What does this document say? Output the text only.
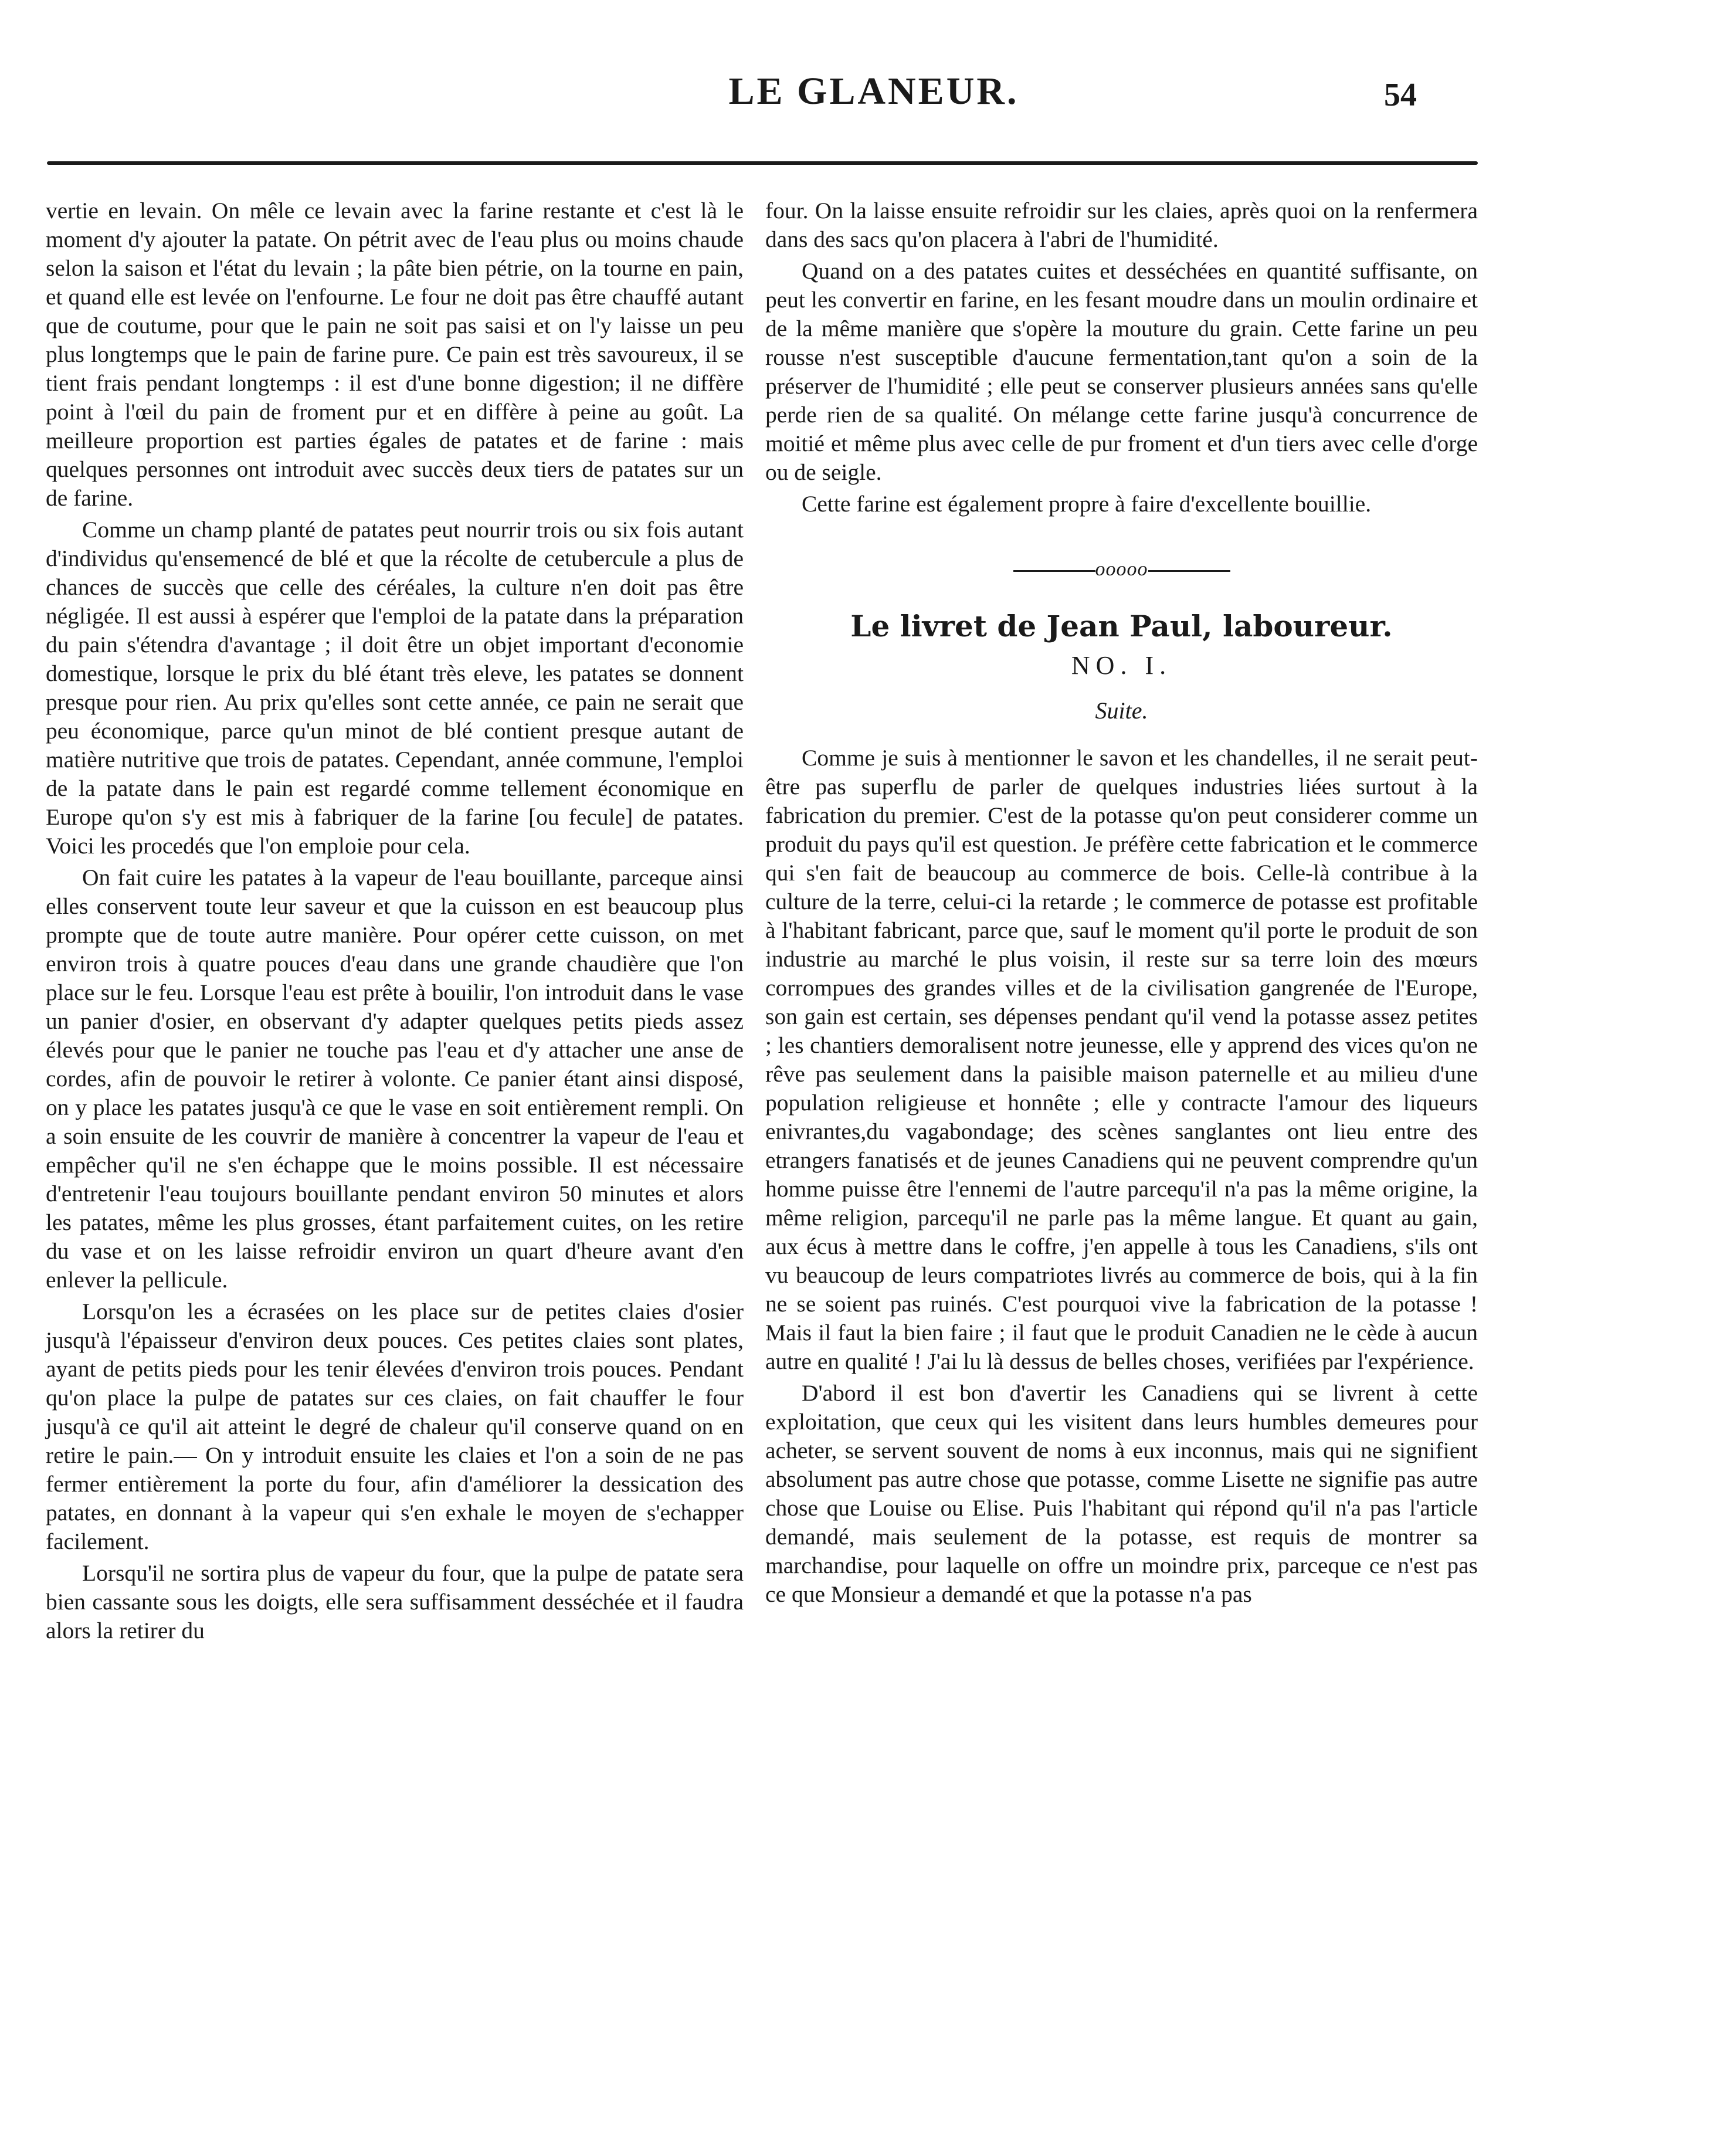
LE GLANEUR.	54

vertie en levain. On mêle ce levain avec la farine restante et c'est là le moment d'y ajouter la patate. On pétrit avec de l'eau plus ou moins chaude selon la saison et l'état du levain ; la pâte bien pétrie, on la tourne en pain, et quand elle est levée on l'enfourne. Le four ne doit pas être chauffé autant que de coutume, pour que le pain ne soit pas saisi et on l'y laisse un peu plus longtemps que le pain de farine pure. Ce pain est très savoureux, il se tient frais pendant longtemps : il est d'une bonne digestion; il ne diffère point à l'œil du pain de froment pur et en diffère à peine au goût. La meilleure proportion est parties égales de patates et de farine : mais quelques personnes ont introduit avec succès deux tiers de patates sur un de farine.

Comme un champ planté de patates peut nourrir trois ou six fois autant d'individus qu'ensemencé de blé et que la récolte de cetubercule a plus de chances de succès que celle des céréales, la culture n'en doit pas être négligée. Il est aussi à espérer que l'emploi de la patate dans la préparation du pain s'étendra d'avantage ; il doit être un objet important d'economie domestique, lorsque le prix du blé étant très eleve, les patates se donnent presque pour rien. Au prix qu'elles sont cette année, ce pain ne serait que peu économique, parce qu'un minot de blé contient presque autant de matière nutritive que trois de patates. Cependant, année commune, l'emploi de la patate dans le pain est regardé comme tellement économique en Europe qu'on s'y est mis à fabriquer de la farine [ou fecule] de patates. Voici les procedés que l'on emploie pour cela.

On fait cuire les patates à la vapeur de l'eau bouillante, parceque ainsi elles conservent toute leur saveur et que la cuisson en est beaucoup plus prompte que de toute autre manière. Pour opérer cette cuisson, on met environ trois à quatre pouces d'eau dans une grande chaudière que l'on place sur le feu. Lorsque l'eau est prête à bouilir, l'on introduit dans le vase un panier d'osier, en observant d'y adapter quelques petits pieds assez élevés pour que le panier ne touche pas l'eau et d'y attacher une anse de cordes, afin de pouvoir le retirer à volonte. Ce panier étant ainsi disposé, on y place les patates jusqu'à ce que le vase en soit entièrement rempli. On a soin ensuite de les couvrir de manière à concentrer la vapeur de l'eau et empêcher qu'il ne s'en échappe que le moins possible. Il est nécessaire d'entretenir l'eau toujours bouillante pendant environ 50 minutes et alors les patates, même les plus grosses, étant parfaitement cuites, on les retire du vase et on les laisse refroidir environ un quart d'heure avant d'en enlever la pellicule.

Lorsqu'on les a écrasées on les place sur de petites claies d'osier jusqu'à l'épaisseur d'environ deux pouces. Ces petites claies sont plates, ayant de petits pieds pour les tenir élevées d'environ trois pouces. Pendant qu'on place la pulpe de patates sur ces claies, on fait chauffer le four jusqu'à ce qu'il ait atteint le degré de chaleur qu'il conserve quand on en retire le pain.— On y introduit ensuite les claies et l'on a soin de ne pas fermer entièrement la porte du four, afin d'améliorer la dessication des patates, en donnant à la vapeur qui s'en exhale le moyen de s'echapper facilement.

Lorsqu'il ne sortira plus de vapeur du four, que la pulpe de patate sera bien cassante sous les doigts, elle sera suffisamment desséchée et il faudra alors la retirer du

four. On la laisse ensuite refroidir sur les claies, après quoi on la renfermera dans des sacs qu'on placera à l'abri de l'humidité.

Quand on a des patates cuites et desséchées en quantité suffisante, on peut les convertir en farine, en les fesant moudre dans un moulin ordinaire et de la même manière que s'opère la mouture du grain. Cette farine un peu rousse n'est susceptible d'aucune fermentation,tant qu'on a soin de la préserver de l'humidité ; elle peut se conserver plusieurs années sans qu'elle perde rien de sa qualité. On mélange cette farine jusqu'à concurrence de moitié et même plus avec celle de pur froment et d'un tiers avec celle d'orge ou de seigle.

Cette farine est également propre à faire d'excellente bouillie.

ooooo
Le livret de Jean Paul, laboureur.
NO. I.
Suite.

Comme je suis à mentionner le savon et les chandelles, il ne serait peut-être pas superflu de parler de quelques industries liées surtout à la fabrication du premier. C'est de la potasse qu'on peut considerer comme un produit du pays qu'il est question. Je préfère cette fabrication et le commerce qui s'en fait de beaucoup au commerce de bois. Celle-là contribue à la culture de la terre, celui-ci la retarde ; le commerce de potasse est profitable à l'habitant fabricant, parce que, sauf le moment qu'il porte le produit de son industrie au marché le plus voisin, il reste sur sa terre loin des mœurs corrompues des grandes villes et de la civilisation gangrenée de l'Europe, son gain est certain, ses dépenses pendant qu'il vend la potasse assez petites ; les chantiers demoralisent notre jeunesse, elle y apprend des vices qu'on ne rêve pas seulement dans la paisible maison paternelle et au milieu d'une population religieuse et honnête ; elle y contracte l'amour des liqueurs enivrantes,du vagabondage; des scènes sanglantes ont lieu entre des etrangers fanatisés et de jeunes Canadiens qui ne peuvent comprendre qu'un homme puisse être l'ennemi de l'autre parcequ'il n'a pas la même origine, la même religion, parcequ'il ne parle pas la même langue. Et quant au gain, aux écus à mettre dans le coffre, j'en appelle à tous les Canadiens, s'ils ont vu beaucoup de leurs compatriotes livrés au commerce de bois, qui à la fin ne se soient pas ruinés. C'est pourquoi vive la fabrication de la potasse ! Mais il faut la bien faire ; il faut que le produit Canadien ne le cède à aucun autre en qualité ! J'ai lu là dessus de belles choses, verifiées par l'expérience.

D'abord il est bon d'avertir les Canadiens qui se livrent à cette exploitation, que ceux qui les visitent dans leurs humbles demeures pour acheter, se servent souvent de noms à eux inconnus, mais qui ne signifient absolument pas autre chose que potasse, comme Lisette ne signifie pas autre chose que Louise ou Elise. Puis l'habitant qui répond qu'il n'a pas l'article demandé, mais seulement de la potasse, est requis de montrer sa marchandise, pour laquelle on offre un moindre prix, parceque ce n'est pas ce que Monsieur a demandé et que la potasse n'a pas
